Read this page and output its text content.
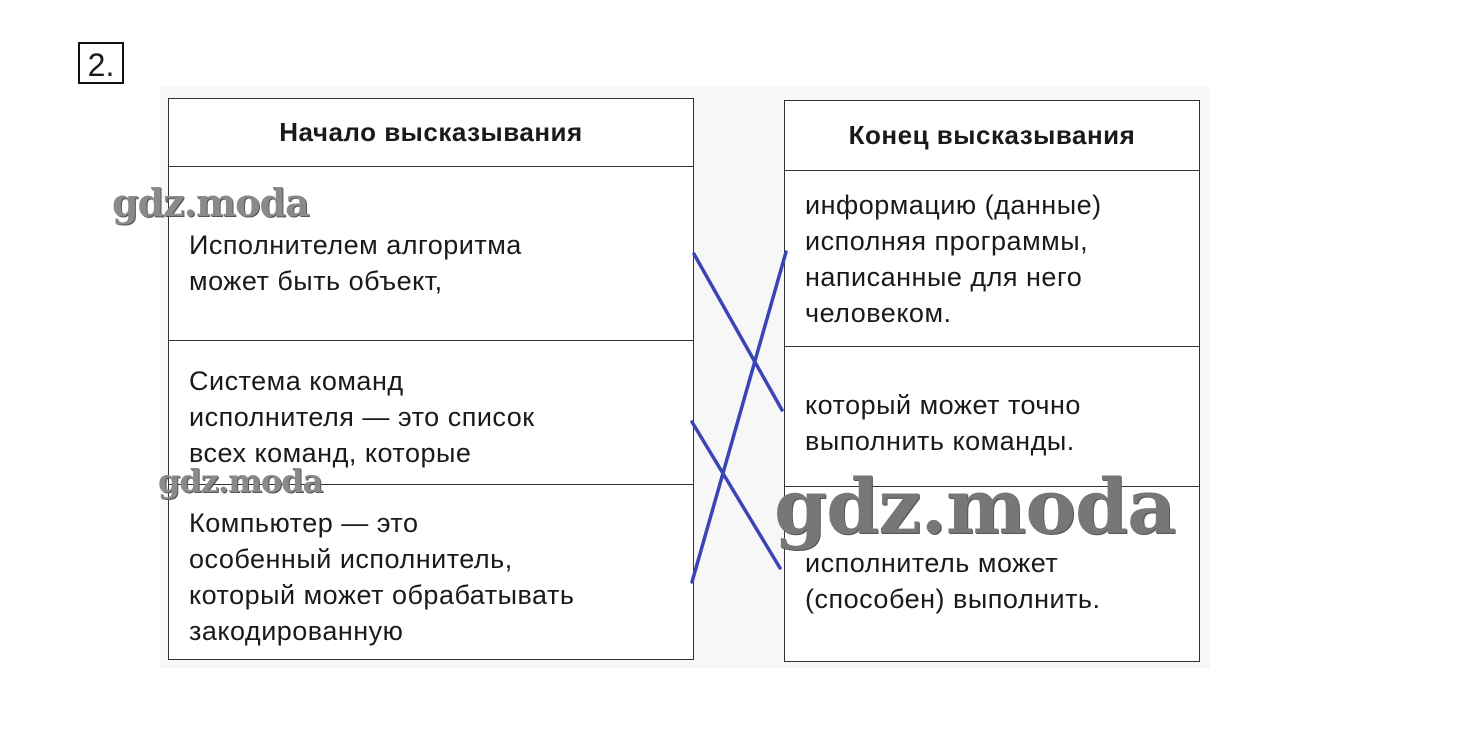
2.
Начало высказывания
Исполнителем алгоритма
может быть объект,
Система команд
исполнителя — это список
всех команд, которые
Компьютер — это
особенный исполнитель,
который может обрабатывать
закодированную
Конец высказывания
информацию (данные)
исполняя программы,
написанные для него
человеком.
который может точно
выполнить команды.
исполнитель может
(способен) выполнить.
gdz.moda
gdz.moda	gdz.moda
